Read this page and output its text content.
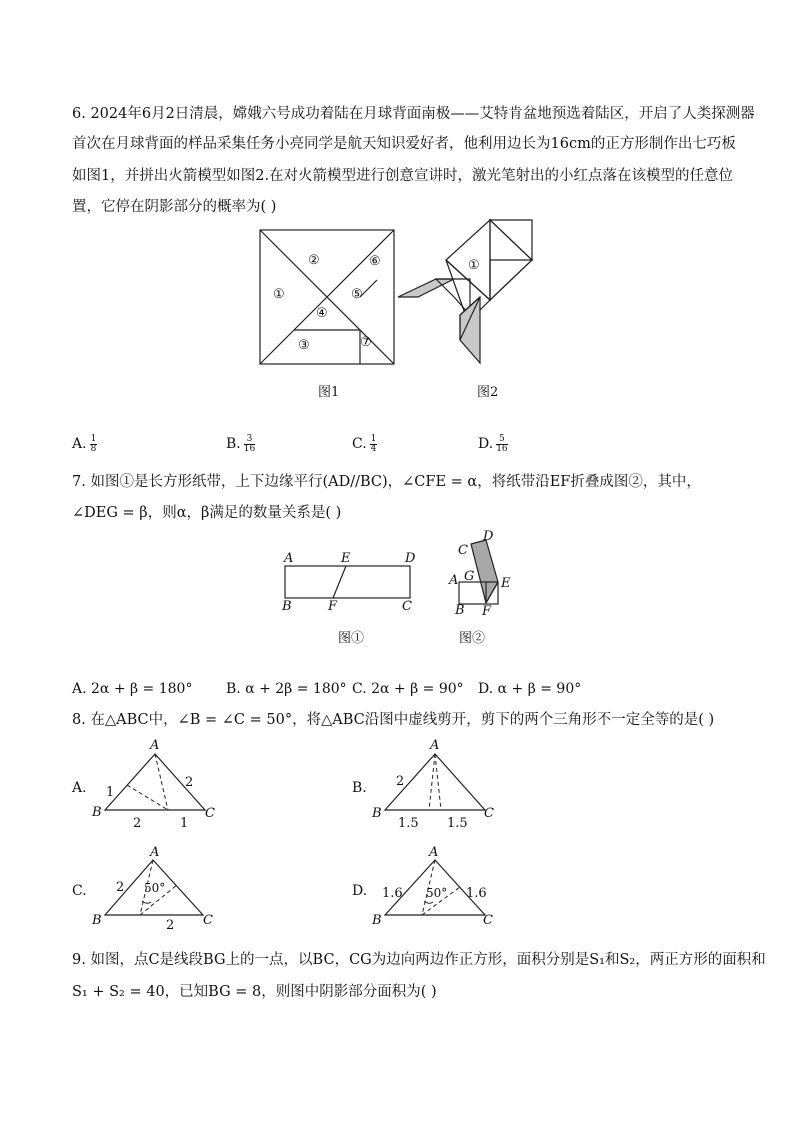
6. 2024年6月2日清晨，嫦娥六号成功着陆在月球背面南极——艾特肯盆地预选着陆区，开启了人类探测器
首次在月球背面的样品采集任务小亮同学是航天知识爱好者，他利用边长为16cm的正方形制作出七巧板
如图1，并拼出火箭模型如图2.在对火箭模型进行创意宣讲时，激光笔射出的小红点落在该模型的任意位
置，它停在阴影部分的概率为( )
①
②
③
④
⑤
⑥
⑦
①
图1	图2
A. $\frac{1}{8}$	B. $\frac{3}{16}$	C. $\frac{1}{4}$	D. $\frac{5}{16}$
7. 如图①是长方形纸带，上下边缘平行(AD//BC)，∠CFE = α，将纸带沿EF折叠成图②，其中，
∠DEG = β，则α，β满足的数量关系是( )
A	E	D
B	F	C
C
D
A G E
B F
图①	图②
A. 2α + β = 180° B. α + 2β = 180° C. 2α + β = 90° D. α + β = 90°
8. 在△ABC中，∠B = ∠C = 50°，将△ABC沿图中虚线剪开，剪下的两个三角形不一定全等的是( )
A.
A
B	C
1
2
2	1
B.
A
B	C
2
1.5 1.5
C.
A
B	C
2
2
50°	D.
A
B	C
1.6	1.6
50°
9. 如图，点C是线段BG上的一点，以BC，CG为边向两边作正方形，面积分别是S₁和S₂，两正方形的面积和
S₁ + S₂ = 40，已知BG = 8，则图中阴影部分面积为( )
